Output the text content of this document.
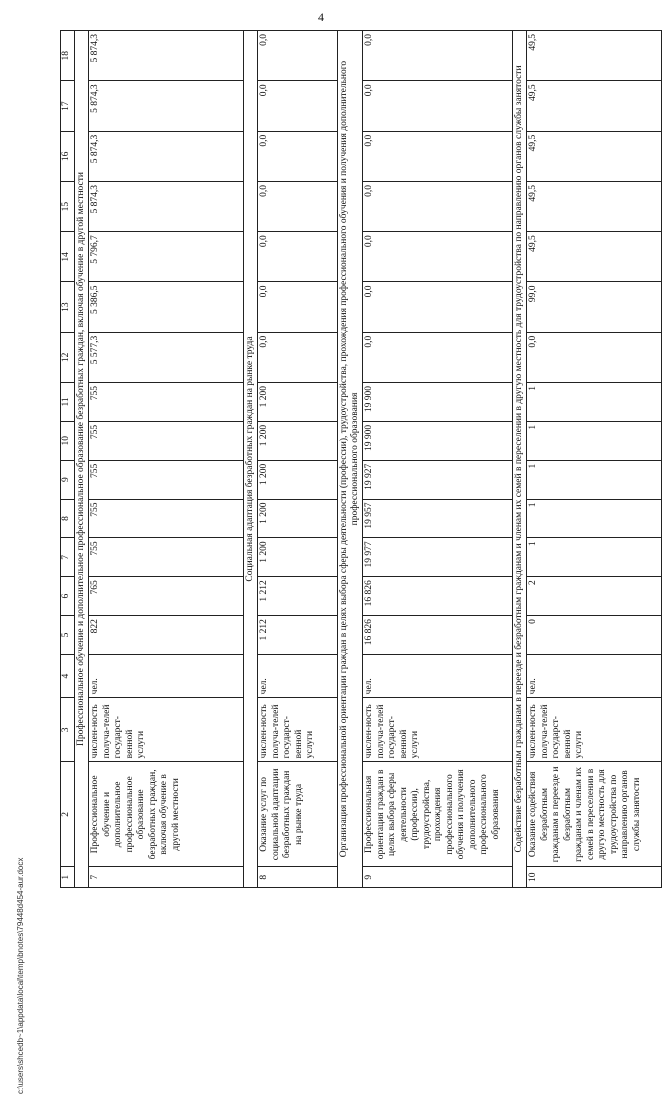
4
1	2	3	4	5	6	7	8	9	10	11	12	13	14	15	16	17	18
Профессиональное обучение и дополнительное профессиональное образование безработных граждан, включая обучение в другой местности																	
7	Профессиональное обучение и дополнительное профессиональное образование безработных граждан, включая обучение в другой местности	числен-ность получа-телей государст-венной услуги	чел.	822	765	755	755	755	755	755	5 577,3	5 386,5	5 796,7	5 874,3	5 874,3	5 874,3	5 874,3
Социальная адаптация безработных граждан на рынке труда																	
8	Оказание услуг по социальной адаптации безработных граждан на рынке труда	числен-ность получа-телей государст-венной услуги	чел.	1 212	1 212	1 200	1 200	1 200	1 200	1 200	0,0	0,0	0,0	0,0	0,0	0,0	0,0
Организация профессиональной ориентации граждан в целях выбора сферы деятельности (профессии), трудоустройства, прохождения профессионального обучения и получения дополнительного профессионального образования																	
9	Профессиональная ориентация граждан в целях выбора сферы деятельности (профессии), трудоустройства, прохождения профессионального обучения и получения дополнительного профессионального образования	числен-ность получа-телей государст-венной услуги	чел.	16 826	16 826	19 977	19 957	19 927	19 900	19 900	0,0	0,0	0,0	0,0	0,0	0,0	0,0
Содействие безработным гражданам в переезде и безработным гражданам и членам их семей в переселении в другую местность для трудоустройства по направлению органов службы занятости																	
10	Оказание содействия безработным гражданам в переезде и безработным гражданам и членам их семей в переселении в другую местность для трудоустройства по направлению органов службы занятости	числен-ность получа-телей государст-венной услуги	чел.	0	2	1	1	1	1	1	0,0	99,0	49,5	49,5	49,5	49,5	49,5
c:\users\shcedb~1\appdata\local\temp\bnotes\79448d454-aur.docx
